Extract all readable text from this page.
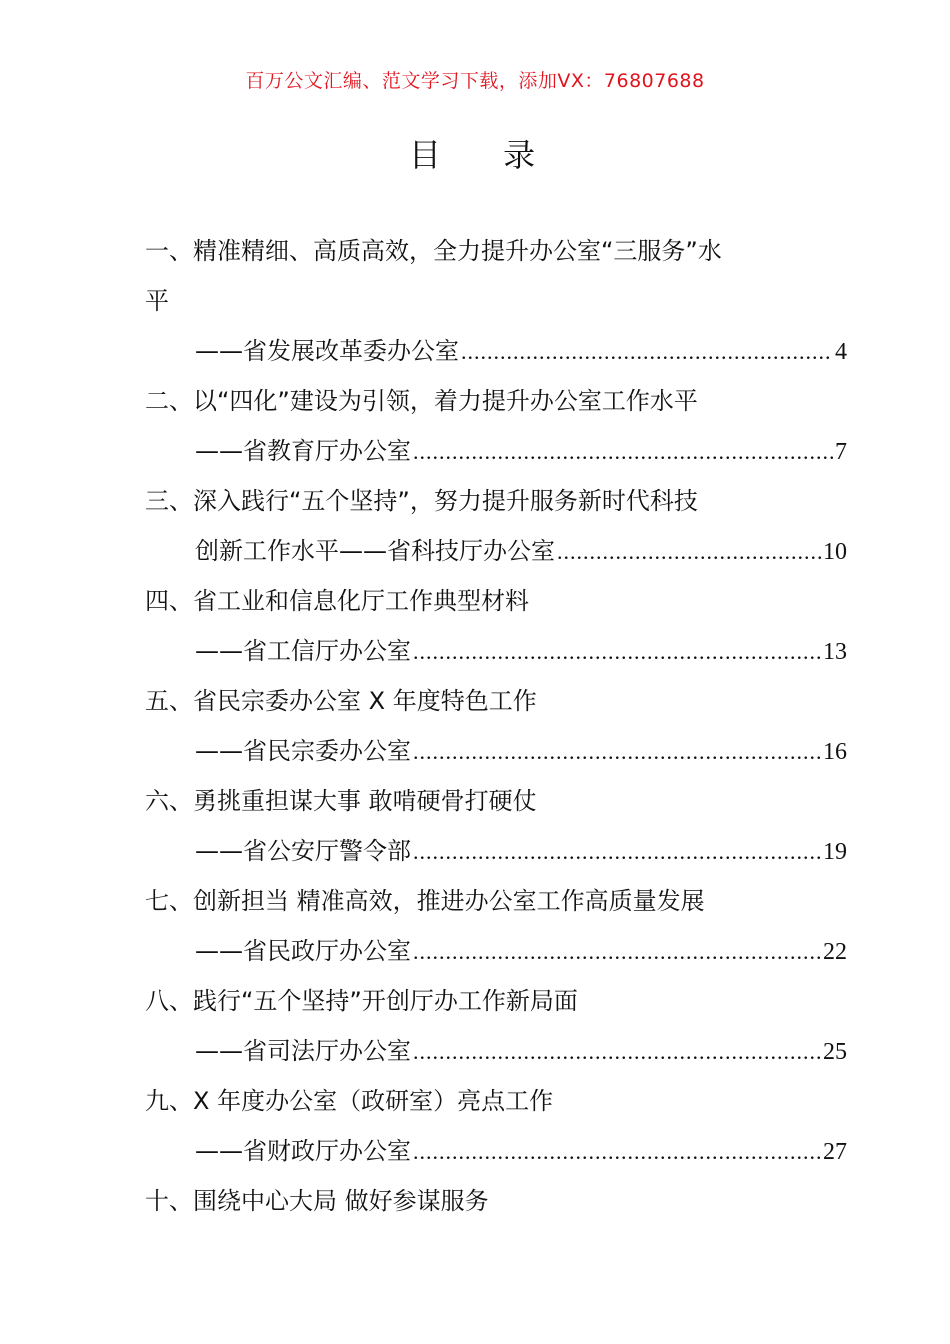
百万公文汇编、范文学习下载，添加VX：76807688
目 录
一、精准精细、高质高效，全力提升办公室“三服务”水
平
——省发展改革委办公室 .....	4
二、以“四化”建设为引领，着力提升办公室工作水平
——省教育厅办公室 .....	7
三、深入践行“五个坚持”，努力提升服务新时代科技
创新工作水平——省科技厅办公室 .....	10
四、省工业和信息化厅工作典型材料
——省工信厅办公室 .....	13
五、省民宗委办公室 X 年度特色工作
——省民宗委办公室 .....	16
六、勇挑重担谋大事 敢啃硬骨打硬仗
——省公安厅警令部 .....	19
七、创新担当 精准高效，推进办公室工作高质量发展
——省民政厅办公室 .....	22
八、践行“五个坚持”开创厅办工作新局面
——省司法厅办公室 .....	25
九、X 年度办公室（政研室）亮点工作
——省财政厅办公室 .....	27
十、围绕中心大局 做好参谋服务
